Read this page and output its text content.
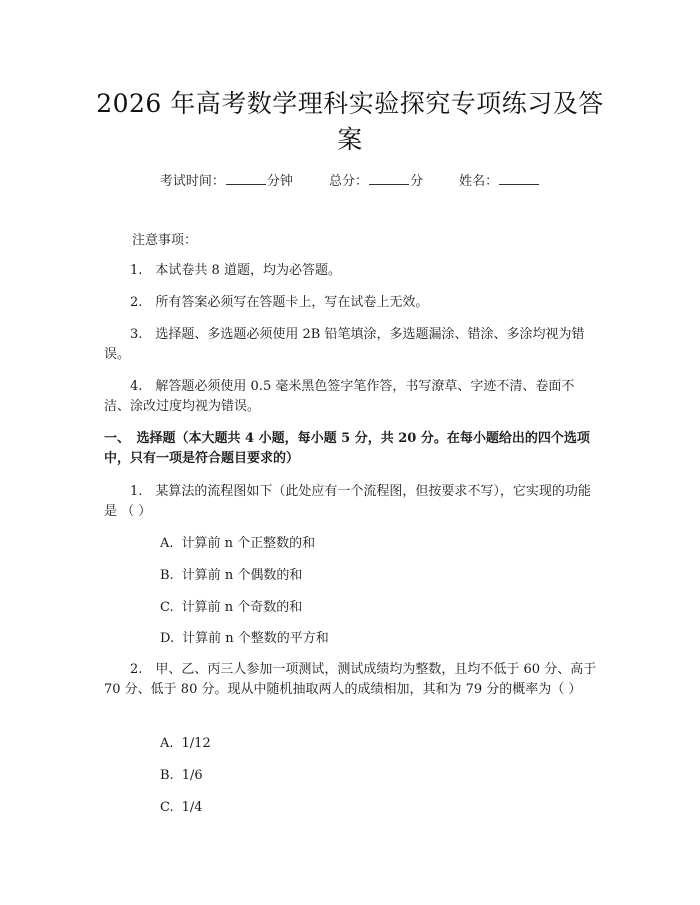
2026 年高考数学理科实验探究专项练习及答案
考试时间：	分钟	总分：	分	姓名：
注意事项：
1.　本试卷共 8 道题，均为必答题。
2.　所有答案必须写在答题卡上，写在试卷上无效。
3.　选择题、多选题必须使用 2B 铅笔填涂，多选题漏涂、错涂、多涂均视为错误。
4.　解答题必须使用 0.5 毫米黑色签字笔作答，书写潦草、字迹不清、卷面不洁、涂改过度均视为错误。
一、　选择题（本大题共 4 小题，每小题 5 分，共 20 分。在每小题给出的四个选项中，只有一项是符合题目要求的）
1.　某算法的流程图如下（此处应有一个流程图，但按要求不写），它实现的功能是 （ ）
A. 计算前 n 个正整数的和
B. 计算前 n 个偶数的和
C. 计算前 n 个奇数的和
D. 计算前 n 个整数的平方和
2.　甲、乙、丙三人参加一项测试，测试成绩均为整数，且均不低于 60 分、高于 70 分、低于 80 分。现从中随机抽取两人的成绩相加，其和为 79 分的概率为（ ）
A. 1/12
B. 1/6
C. 1/4
